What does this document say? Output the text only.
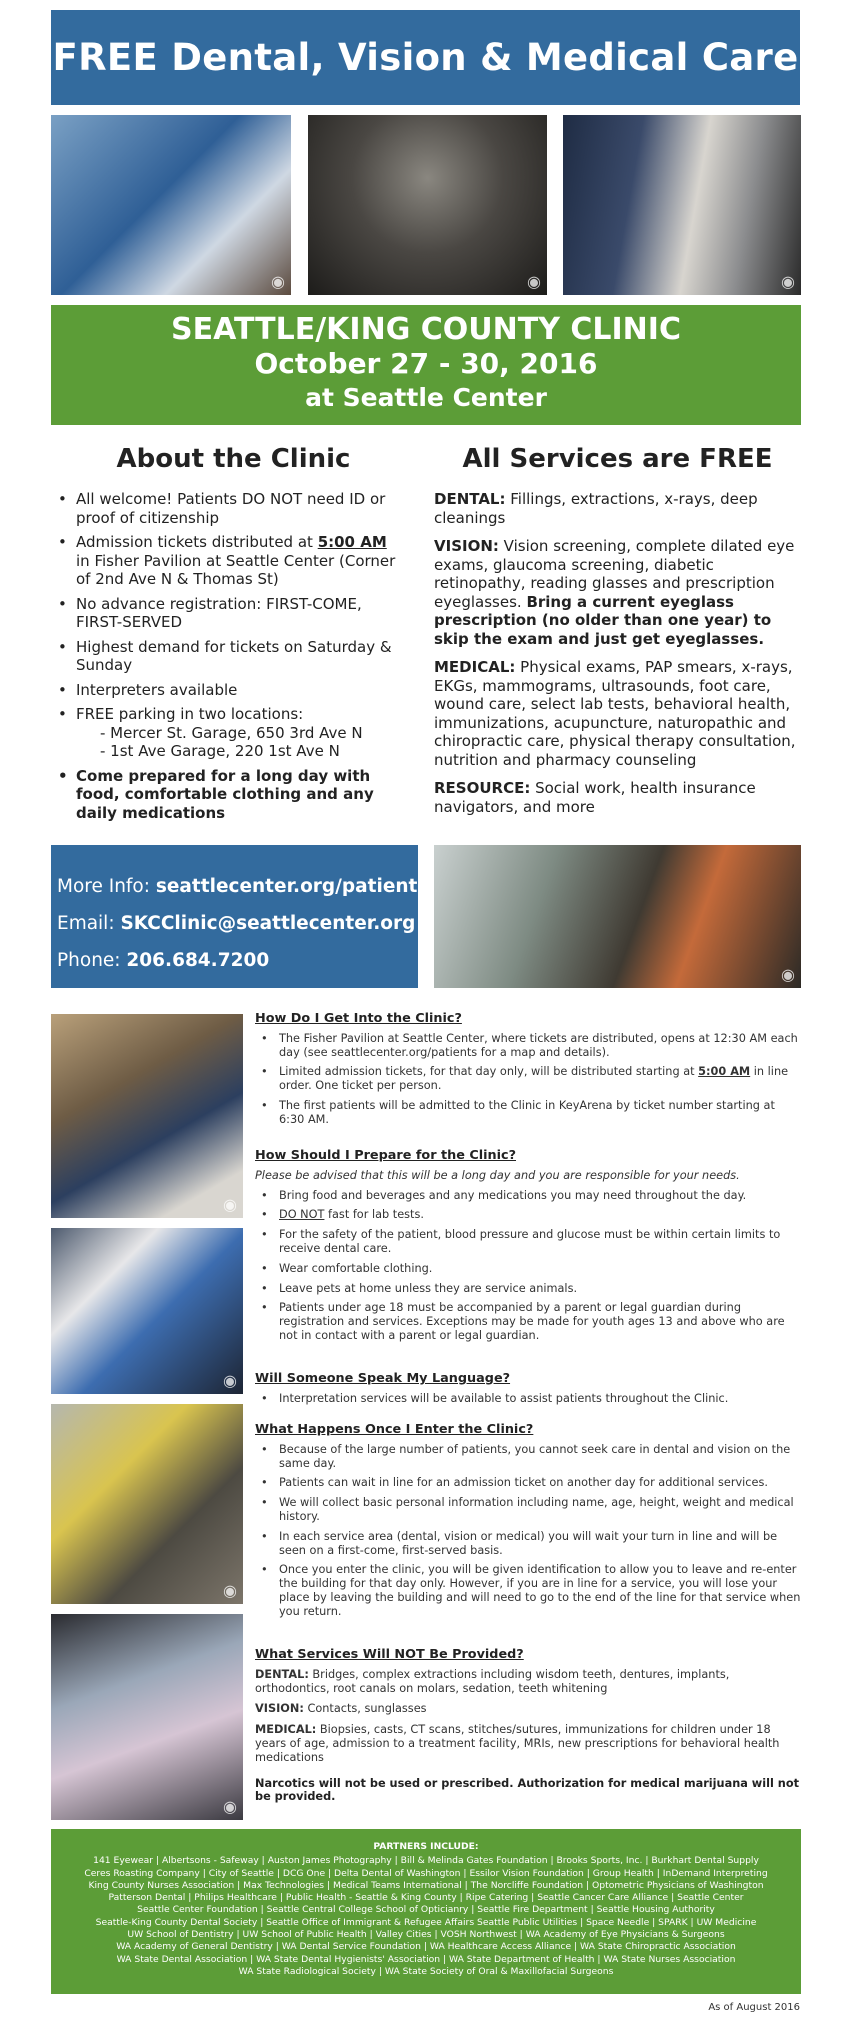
FREE Dental, Vision & Medical Care
◉	◉	◉
SEATTLE/KING COUNTY CLINIC
October 27 - 30, 2016
at Seattle Center
About the Clinic	All Services are FREE
• All welcome! Patients DO NOT need ID or proof of citizenship
• Admission tickets distributed at 5:00 AM in Fisher Pavilion at Seattle Center (Corner of 2nd Ave N & Thomas St)
• No advance registration: FIRST-COME, FIRST-SERVED
• Highest demand for tickets on Saturday & Sunday
• Interpreters available
• FREE parking in two locations:
- Mercer St. Garage, 650 3rd Ave N
- 1st Ave Garage, 220 1st Ave N
• Come prepared for a long day with food, comfortable clothing and any daily medications

DENTAL: Fillings, extractions, x-rays, deep cleanings

VISION: Vision screening, complete dilated eye exams, glaucoma screening, diabetic retinopathy, reading glasses and prescription eyeglasses. Bring a current eyeglass prescription (no older than one year) to skip the exam and just get eyeglasses.

MEDICAL: Physical exams, PAP smears, x-rays, EKGs, mammograms, ultrasounds, foot care, wound care, select lab tests, behavioral health, immunizations, acupuncture, naturopathic and chiropractic care, physical therapy consultation, nutrition and pharmacy counseling

RESOURCE: Social work, health insurance navigators, and more

More Info: seattlecenter.org/patients
Email: SKCClinic@seattlecenter.org
Phone: 206.684.7200
◉
◉
◉
◉
◉
How Do I Get Into the Clinic?
• The Fisher Pavilion at Seattle Center, where tickets are distributed, opens at 12:30 AM each day (see seattlecenter.org/patients for a map and details).
• Limited admission tickets, for that day only, will be distributed starting at 5:00 AM in line order. One ticket per person.
• The first patients will be admitted to the Clinic in KeyArena by ticket number starting at 6:30 AM.
How Should I Prepare for the Clinic?
Please be advised that this will be a long day and you are responsible for your needs.
• Bring food and beverages and any medications you may need throughout the day.
• DO NOT fast for lab tests.
• For the safety of the patient, blood pressure and glucose must be within certain limits to receive dental care.
• Wear comfortable clothing.
• Leave pets at home unless they are service animals.
• Patients under age 18 must be accompanied by a parent or legal guardian during registration and services. Exceptions may be made for youth ages 13 and above who are not in contact with a parent or legal guardian.
Will Someone Speak My Language?
• Interpretation services will be available to assist patients throughout the Clinic.
What Happens Once I Enter the Clinic?
• Because of the large number of patients, you cannot seek care in dental and vision on the same day.
• Patients can wait in line for an admission ticket on another day for additional services.
• We will collect basic personal information including name, age, height, weight and medical history.
• In each service area (dental, vision or medical) you will wait your turn in line and will be seen on a first-come, first-served basis.
• Once you enter the clinic, you will be given identification to allow you to leave and re-enter the building for that day only. However, if you are in line for a service, you will lose your place by leaving the building and will need to go to the end of the line for that service when you return.
What Services Will NOT Be Provided?

DENTAL: Bridges, complex extractions including wisdom teeth, dentures, implants, orthodontics, root canals on molars, sedation, teeth whitening

VISION: Contacts, sunglasses

MEDICAL: Biopsies, casts, CT scans, stitches/sutures, immunizations for children under 18 years of age, admission to a treatment facility, MRIs, new prescriptions for behavioral health medications

Narcotics will not be used or prescribed. Authorization for medical marijuana will not be provided.

PARTNERS INCLUDE:
141 Eyewear | Albertsons - Safeway | Auston James Photography | Bill & Melinda Gates Foundation | Brooks Sports, Inc. | Burkhart Dental Supply
Ceres Roasting Company | City of Seattle | DCG One | Delta Dental of Washington | Essilor Vision Foundation | Group Health | InDemand Interpreting
King County Nurses Association | Max Technologies | Medical Teams International | The Norcliffe Foundation | Optometric Physicians of Washington
Patterson Dental | Philips Healthcare | Public Health - Seattle & King County | Ripe Catering | Seattle Cancer Care Alliance | Seattle Center
Seattle Center Foundation | Seattle Central College School of Opticianry | Seattle Fire Department | Seattle Housing Authority
Seattle-King County Dental Society | Seattle Office of Immigrant & Refugee Affairs Seattle Public Utilities | Space Needle | SPARK | UW Medicine
UW School of Dentistry | UW School of Public Health | Valley Cities | VOSH Northwest | WA Academy of Eye Physicians & Surgeons
WA Academy of General Dentistry | WA Dental Service Foundation | WA Healthcare Access Alliance | WA State Chiropractic Association
WA State Dental Association | WA State Dental Hygienists' Association | WA State Department of Health | WA State Nurses Association
WA State Radiological Society | WA State Society of Oral & Maxillofacial Surgeons
As of August 2016
